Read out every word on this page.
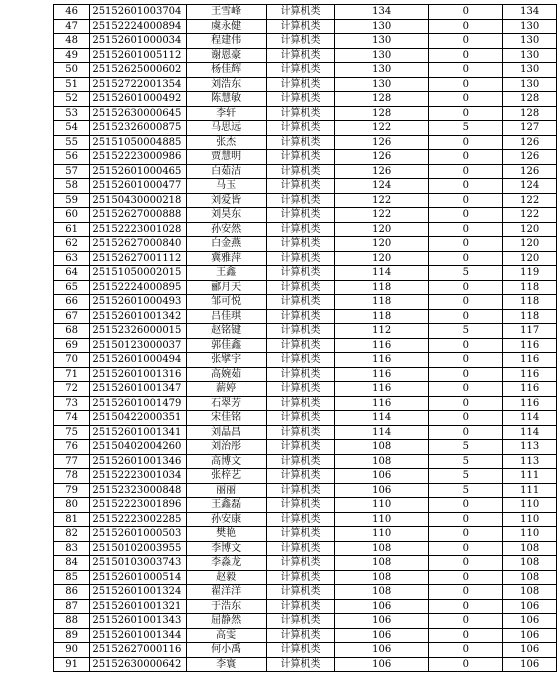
46	25152601003704	王雪峰	计算机类	134	0	134
47	25152224000894	虞永健	计算机类	130	0	130
48	25152601000034	程建伟	计算机类	130	0	130
49	25152601005112	谢恩豪	计算机类	130	0	130
50	25152625000602	杨佳辉	计算机类	130	0	130
51	25152722001354	刘浩东	计算机类	130	0	130
52	25152601000492	陈慧敏	计算机类	128	0	128
53	25152630000645	李轩	计算机类	128	0	128
54	25152326000875	马思远	计算机类	122	5	127
55	25151050004885	张杰	计算机类	126	0	126
56	25152223000986	贾慧明	计算机类	126	0	126
57	25152601000465	白茹洁	计算机类	126	0	126
58	25152601000477	马玉	计算机类	124	0	124
59	25150430000218	刘爱皆	计算机类	122	0	122
60	25152627000888	刘昊东	计算机类	122	0	122
61	25152223001028	孙安然	计算机类	120	0	120
62	25152627000840	白金燕	计算机类	120	0	120
63	25152627001112	冀雅萍	计算机类	120	0	120
64	25151050002015	王鑫	计算机类	114	5	119
65	25152224000895	郦月天	计算机类	118	0	118
66	25152601000493	邹可悦	计算机类	118	0	118
67	25152601001342	吕佳琪	计算机类	118	0	118
68	25152326000015	赵铭键	计算机类	112	5	117
69	25150123000037	郭佳鑫	计算机类	116	0	116
70	25152601000494	张擘宇	计算机类	116	0	116
71	25152601001316	高婉茹	计算机类	116	0	116
72	25152601001347	薪婷	计算机类	116	0	116
73	25152601001479	石翠芳	计算机类	116	0	116
74	25150422000351	宋佳铭	计算机类	114	0	114
75	25152601001341	刘晶昌	计算机类	114	0	114
76	25150402004260	刘治彤	计算机类	108	5	113
77	25152601001346	高博文	计算机类	108	5	113
78	25152223001034	张梓艺	计算机类	106	5	111
79	25152323000848	丽丽	计算机类	106	5	111
80	25152223001896	王鑫磊	计算机类	110	0	110
81	25152223002285	孙安康	计算机类	110	0	110
82	25152601000503	樊艳	计算机类	110	0	110
83	25150102003955	李博文	计算机类	108	0	108
84	25150103003743	李淼龙	计算机类	108	0	108
85	25152601000514	赵毅	计算机类	108	0	108
86	25152601001324	翟洋洋	计算机类	108	0	108
87	25152601001321	于浩东	计算机类	106	0	106
88	25152601001343	屈静然	计算机类	106	0	106
89	25152601001344	高雯	计算机类	106	0	106
90	25152627000116	何小禹	计算机类	106	0	106
91	25152630000642	李寰	计算机类	106	0	106
